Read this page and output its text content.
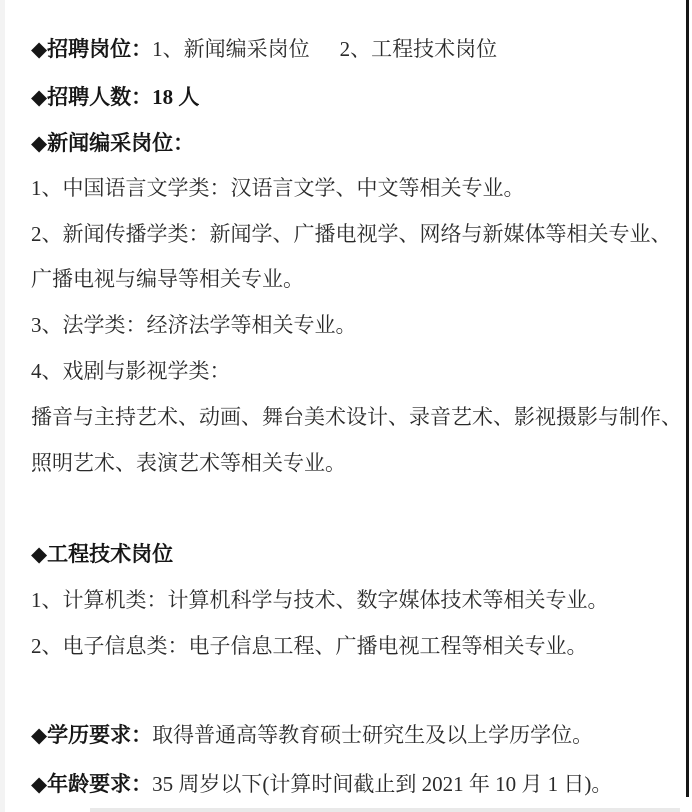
◆招聘岗位：1、新闻编采岗位 2、工程技术岗位
◆招聘人数：18 人
◆新闻编采岗位：
1、中国语言文学类：汉语言文学、中文等相关专业。
2、新闻传播学类：新闻学、广播电视学、网络与新媒体等相关专业、
广播电视与编导等相关专业。
3、法学类：经济法学等相关专业。
4、戏剧与影视学类：
播音与主持艺术、动画、舞台美术设计、录音艺术、影视摄影与制作、
照明艺术、表演艺术等相关专业。
◆工程技术岗位
1、计算机类：计算机科学与技术、数字媒体技术等相关专业。
2、电子信息类：电子信息工程、广播电视工程等相关专业。
◆学历要求：取得普通高等教育硕士研究生及以上学历学位。
◆年龄要求：35 周岁以下(计算时间截止到 2021 年 10 月 1 日)。
